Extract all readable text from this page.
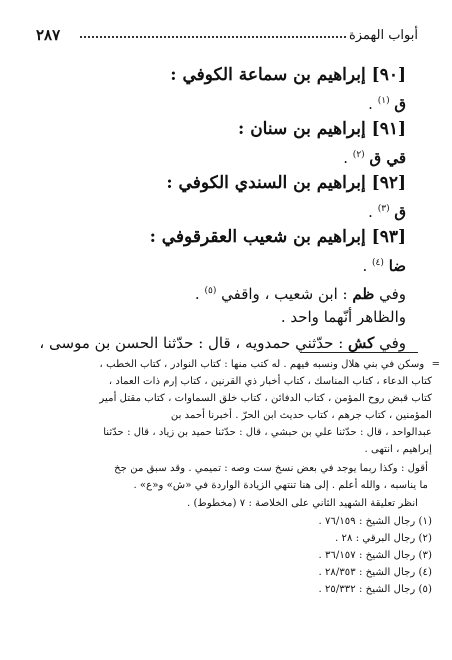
أبواب الهمزة
٢٨٧
[٩٠] إبراهيم بن سماعة الكوفي :
ق $^{(١)}$ .
[٩١] إبراهيم بن سنان :
قي ق $^{(٢)}$ .
[٩٢] إبراهيم بن السندي الكوفي :
ق $^{(٣)}$ .
[٩٣] إبراهيم بن شعيب العقرقوفي :
ضا $^{(٤)}$ .
وفي ظم : ابن شعيب ، واقفي $^{(٥)}$ .
والظاهر أنّهما واحد .
وفي كش : حدّثني حمدويه ، قال : حدّثنا الحسن بن موسى ،
= وسكن في بني هلال ونسبه فيهم . له كتب منها : كتاب النوادر ، كتاب الخطب ،
كتاب الدعاء ، كتاب المناسك ، كتاب أخبار ذي القرنين ، كتاب إرم ذات العماد ،
كتاب قبض روح المؤمن ، كتاب الدفائن ، كتاب خلق السماوات ، كتاب مقتل أمير
المؤمنين ، كتاب جرهم ، كتاب حديث ابن الحرّ . أخبرنا أحمد بن
عبدالواحد ، قال : حدّثنا علي بن حبشي ، قال : حدّثنا حميد بن زياد ، قال : حدّثنا
إبراهيم ، انتهى .
أقول : وكذا ربما يوجد في بعض نسخ ست وصه : تميمي . وقد سبق من جخ
ما يناسبه ، والله أعلم . إلى هنا تنتهي الزيادة الواردة في «ش» و«ع» .
انظر تعليقة الشهيد الثاني على الخلاصة : ٧ (مخطوط) .
(١) رجال الشيخ : ٧٦/١٥٩ .
(٢) رجال البرقي : ٢٨ .
(٣) رجال الشيخ : ٣٦/١٥٧ .
(٤) رجال الشيخ : ٢٨/٣٥٣ .
(٥) رجال الشيخ : ٢٥/٣٣٢ .
